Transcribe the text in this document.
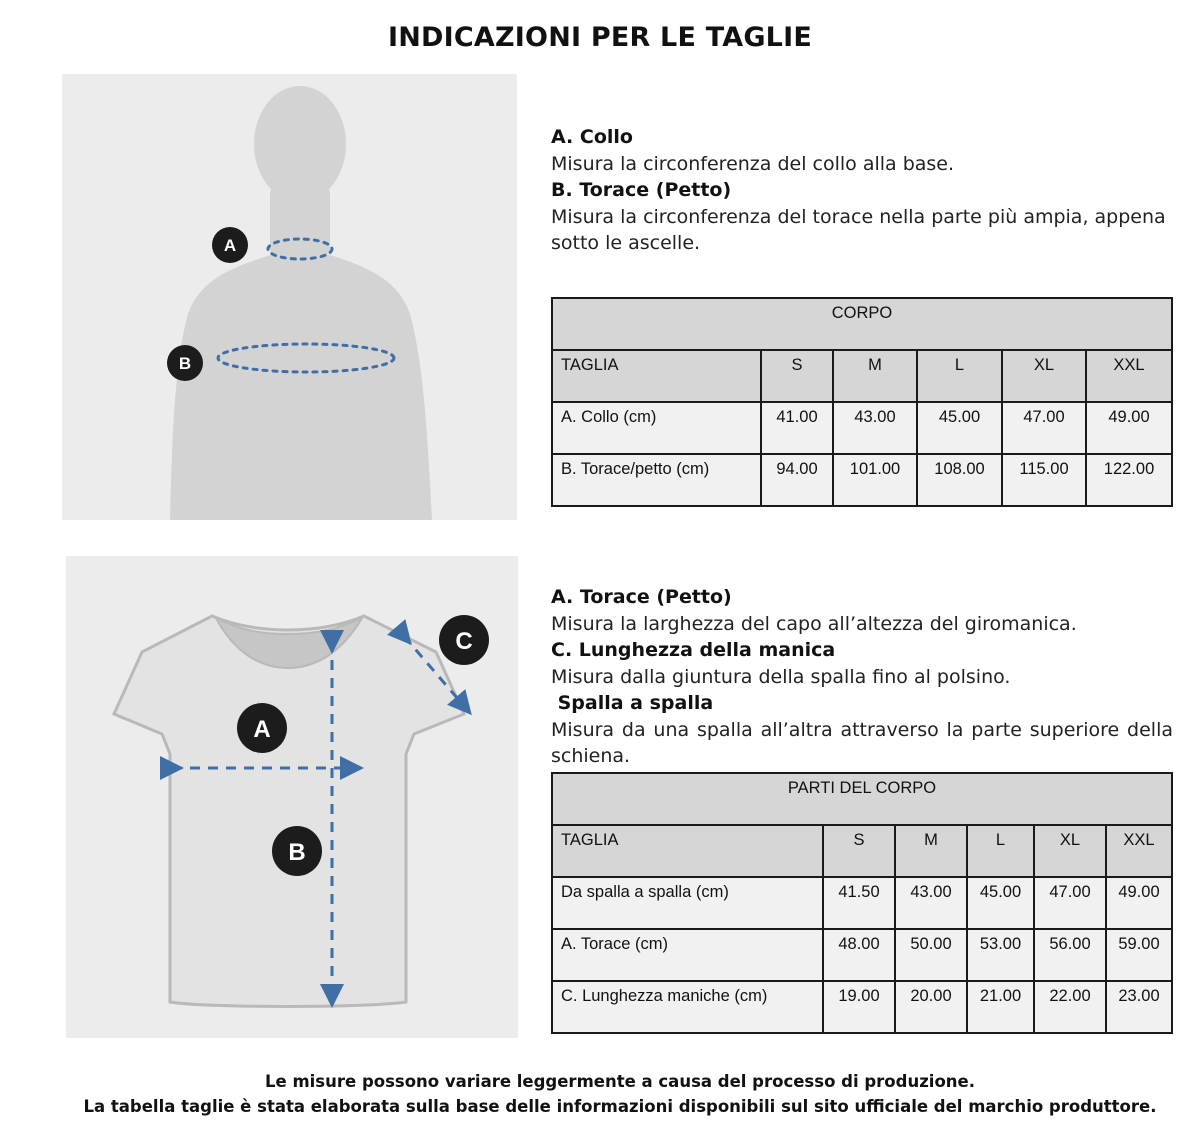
INDICAZIONI PER LE TAGLIE
A
B
A. Collo
Misura la circonferenza del collo alla base.
B. Torace (Petto)
Misura la circonferenza del torace nella parte più ampia, appena sotto le ascelle.
CORPO					
TAGLIA	S	M	L	XL	XXL
A. Collo (cm)	41.00	43.00	45.00	47.00	49.00
B. Torace/petto (cm)	94.00	101.00	108.00	115.00	122.00
A
B
C
A. Torace (Petto)
Misura la larghezza del capo all’altezza del giromanica.
C. Lunghezza della manica
Misura dalla giuntura della spalla fino al polsino.
Spalla a spalla
Misura da una spalla all’altra attraverso la parte superiore della schiena.
PARTI DEL CORPO					
TAGLIA	S	M	L	XL	XXL
Da spalla a spalla (cm)	41.50	43.00	45.00	47.00	49.00
A. Torace (cm)	48.00	50.00	53.00	56.00	59.00
C. Lunghezza maniche (cm)	19.00	20.00	21.00	22.00	23.00
Le misure possono variare leggermente a causa del processo di produzione.
La tabella taglie è stata elaborata sulla base delle informazioni disponibili sul sito ufficiale del marchio produttore.
